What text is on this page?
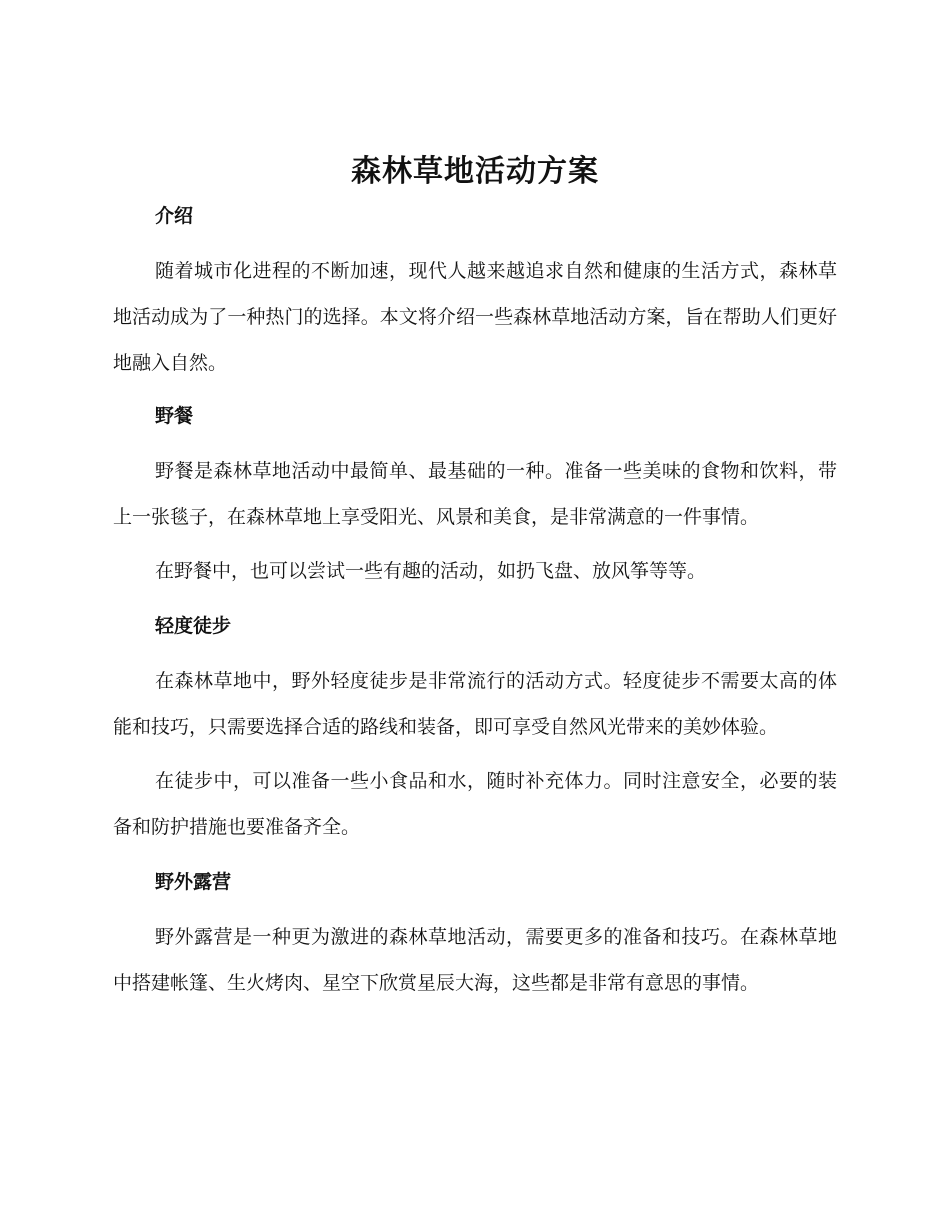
森林草地活动方案
介绍

随着城市化进程的不断加速，现代人越来越追求自然和健康的生活方式，森林草地活动成为了一种热门的选择。本文将介绍一些森林草地活动方案，旨在帮助人们更好地融入自然。

野餐

野餐是森林草地活动中最简单、最基础的一种。准备一些美味的食物和饮料，带上一张毯子，在森林草地上享受阳光、风景和美食，是非常满意的一件事情。

在野餐中，也可以尝试一些有趣的活动，如扔飞盘、放风筝等等。

轻度徒步

在森林草地中，野外轻度徒步是非常流行的活动方式。轻度徒步不需要太高的体能和技巧，只需要选择合适的路线和装备，即可享受自然风光带来的美妙体验。

在徒步中，可以准备一些小食品和水，随时补充体力。同时注意安全，必要的装备和防护措施也要准备齐全。

野外露营

野外露营是一种更为激进的森林草地活动，需要更多的准备和技巧。在森林草地中搭建帐篷、生火烤肉、星空下欣赏星辰大海，这些都是非常有意思的事情。
